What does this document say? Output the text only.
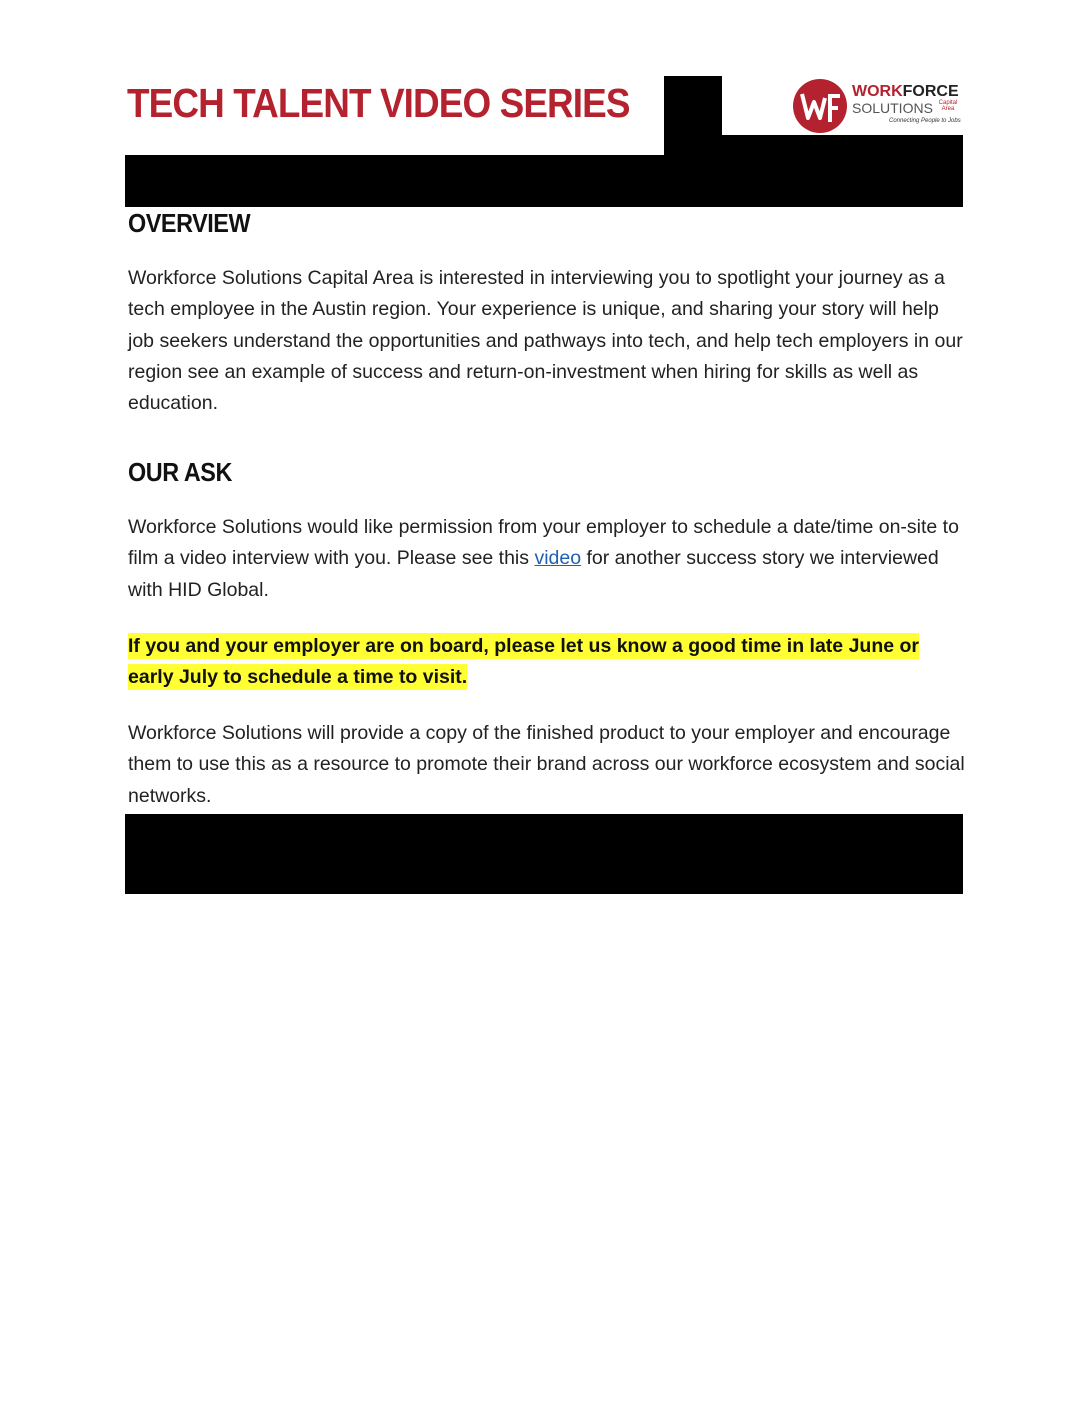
TECH TALENT VIDEO SERIES	WORKFORCE
SOLUTIONS Capital Area
Connecting People to Jobs
OVERVIEW

Workforce Solutions Capital Area is interested in interviewing you to spotlight your journey as a tech employee in the Austin region. Your experience is unique, and sharing your story will help job seekers understand the opportunities and pathways into tech, and help tech employers in our region see an example of success and return-on-investment when hiring for skills as well as education.

OUR ASK

Workforce Solutions would like permission from your employer to schedule a date/time on-site to film a video interview with you. Please see this video for another success story we interviewed with HID Global.

If you and your employer are on board, please let us know a good time in late June or early July to schedule a time to visit.

Workforce Solutions will provide a copy of the finished product to your employer and encourage them to use this as a resource to promote their brand across our workforce ecosystem and social networks.
